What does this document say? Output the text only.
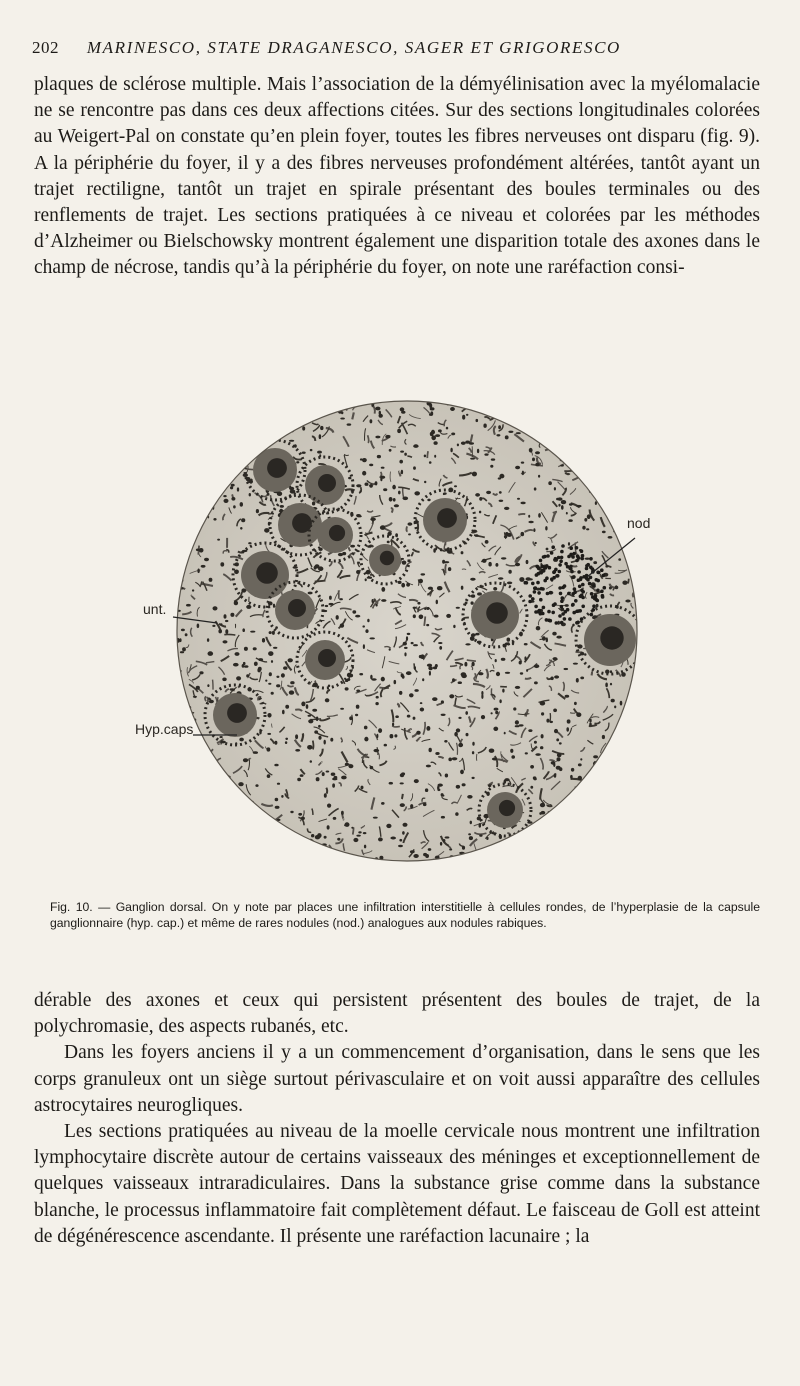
202 MARINESCO, STATE DRAGANESCO, SAGER ET GRIGORESCO

plaques de sclérose multiple. Mais l’association de la démyélinisation avec la myélomalacie ne se rencontre pas dans ces deux affections citées. Sur des sections longitudinales colorées au Weigert-Pal on constate qu’en plein foyer, toutes les fibres nerveuses ont disparu (fig. 9). A la périphérie du foyer, il y a des fibres nerveuses profondément altérées, tantôt ayant un trajet rectiligne, tantôt un trajet en spirale présentant des boules terminales ou des renflements de trajet. Les sections pratiquées à ce niveau et colorées par les méthodes d’Alzheimer ou Bielschowsky montrent également une disparition totale des axones dans le champ de nécrose, tandis qu’à la périphérie du foyer, on note une raréfaction consi-

unt.
Hyp.caps
nod

Fig. 10. — Ganglion dorsal. On y note par places une infiltration interstitielle à cellules rondes, de l’hyperplasie de la capsule ganglionnaire (hyp. cap.) et même de rares nodules (nod.) analogues aux nodules rabiques.

dérable des axones et ceux qui persistent présentent des boules de trajet, de la polychromasie, des aspects rubanés, etc.
Dans les foyers anciens il y a un commencement d’organisation, dans le sens que les corps granuleux ont un siège surtout périvasculaire et on voit aussi apparaître des cellules astrocytaires neurogliques.
Les sections pratiquées au niveau de la moelle cervicale nous montrent une infiltration lymphocytaire discrète autour de certains vaisseaux des méninges et exceptionnellement de quelques vaisseaux intraradiculaires. Dans la substance grise comme dans la substance blanche, le processus inflammatoire fait complètement défaut. Le faisceau de Goll est atteint de dégénérescence ascendante. Il présente une raréfaction lacunaire ; la
